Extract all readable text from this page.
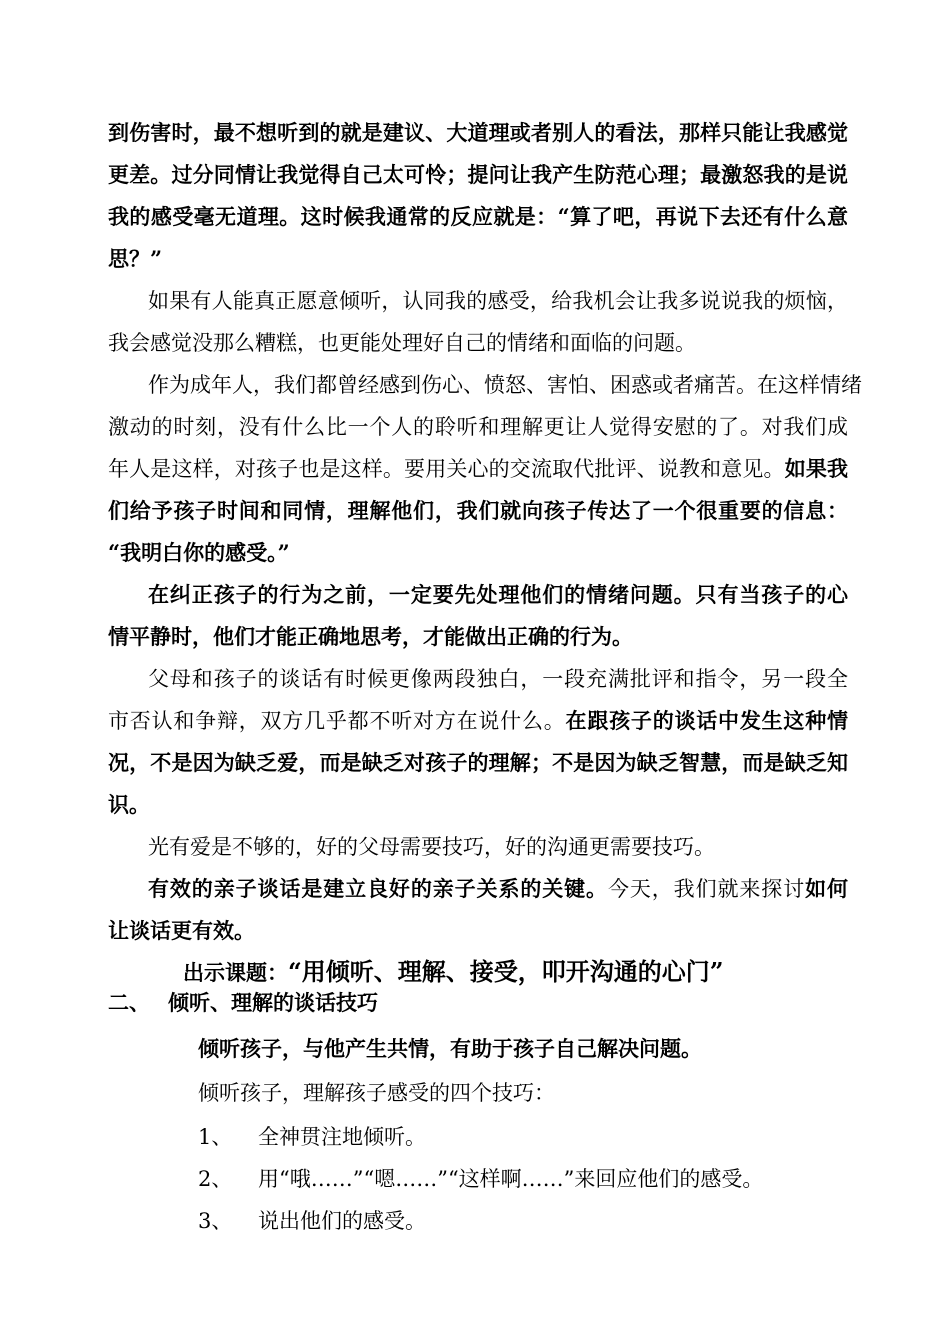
到伤害时，最不想听到的就是建议、大道理或者别人的看法，那样只能让我感觉
更差。过分同情让我觉得自己太可怜；提问让我产生防范心理；最激怒我的是说
我的感受毫无道理。这时候我通常的反应就是：“算了吧，再说下去还有什么意
思？”
如果有人能真正愿意倾听，认同我的感受，给我机会让我多说说我的烦恼，
我会感觉没那么糟糕，也更能处理好自己的情绪和面临的问题。
作为成年人，我们都曾经感到伤心、愤怒、害怕、困惑或者痛苦。在这样情绪
激动的时刻，没有什么比一个人的聆听和理解更让人觉得安慰的了。对我们成
年人是这样，对孩子也是这样。要用关心的交流取代批评、说教和意见。如果我
们给予孩子时间和同情，理解他们，我们就向孩子传达了一个很重要的信息：
“我明白你的感受。”
在纠正孩子的行为之前，一定要先处理他们的情绪问题。只有当孩子的心
情平静时，他们才能正确地思考，才能做出正确的行为。
父母和孩子的谈话有时候更像两段独白，一段充满批评和指令，另一段全
市否认和争辩，双方几乎都不听对方在说什么。在跟孩子的谈话中发生这种情
况，不是因为缺乏爱，而是缺乏对孩子的理解；不是因为缺乏智慧，而是缺乏知
识。
光有爱是不够的，好的父母需要技巧，好的沟通更需要技巧。
有效的亲子谈话是建立良好的亲子关系的关键。今天，我们就来探讨如何
让谈话更有效。
出示课题：“用倾听、理解、接受，叩开沟通的心门”
二、 倾听、理解的谈话技巧
倾听孩子，与他产生共情，有助于孩子自己解决问题。
倾听孩子，理解孩子感受的四个技巧：
1、 全神贯注地倾听。
2、 用“哦……”“嗯……”“这样啊……”来回应他们的感受。
3、 说出他们的感受。
